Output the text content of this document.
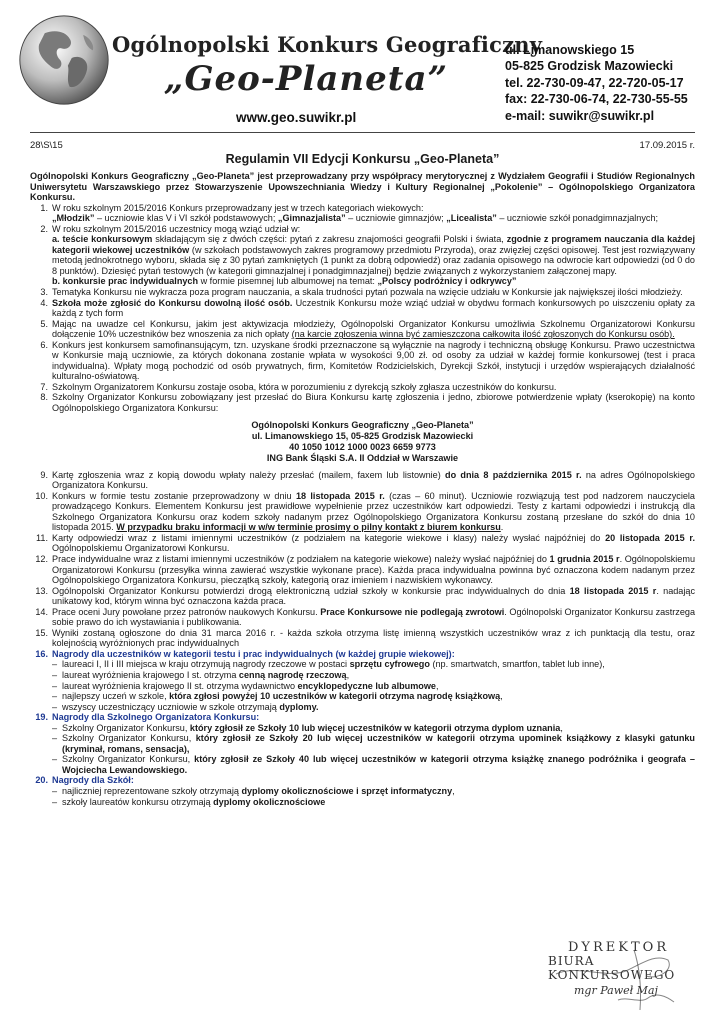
Ogólnopolski Konkurs Geograficzny
„Geo-Planeta”
www.geo.suwikr.pl
ul. Limanowskiego 15
05-825 Grodzisk Mazowiecki
tel. 22-730-09-47, 22-720-05-17
fax: 22-730-06-74, 22-730-55-55
e-mail: suwikr@suwikr.pl
28\S\15	17.09.2015 r.
Regulamin VII Edycji Konkursu „Geo-Planeta”

Ogólnopolski Konkurs Geograficzny „Geo-Planeta” jest przeprowadzany przy współpracy merytorycznej z Wydziałem Geografii i Studiów Regionalnych Uniwersytetu Warszawskiego przez Stowarzyszenie Upowszechniania Wiedzy i Kultury Regionalnej „Pokolenie” – Ogólnopolskiego Organizatora Konkursu.

1. W roku szkolnym 2015/2016 Konkurs przeprowadzany jest w trzech kategoriach wiekowych:
„Młodzik” – uczniowie klas V i VI szkół podstawowych; „Gimnazjalista” – uczniowie gimnazjów; „Licealista” – uczniowie szkół ponadgimnazjalnych;
2. W roku szkolnym 2015/2016 uczestnicy mogą wziąć udział w:
a. teście konkursowym składającym się z dwóch części: pytań z zakresu znajomości geografii Polski i świata, zgodnie z programem nauczania dla każdej kategorii wiekowej uczestników (w szkołach podstawowych zakres programowy przedmiotu Przyroda), oraz zwięzłej części opisowej. Test jest rozwiązywany metodą jednokrotnego wyboru, składa się z 30 pytań zamkniętych (1 punkt za dobrą odpowiedź) oraz zadania opisowego na odwrocie kart odpowiedzi (od 0 do 8 punktów). Dziesięć pytań testowych (w kategorii gimnazjalnej i ponadgimnazjalnej) będzie związanych z wykorzystaniem załączonej mapy.
b. konkursie prac indywidualnych w formie pisemnej lub albumowej na temat: „Polscy podróżnicy i odkrywcy”
3. Tematyka Konkursu nie wykracza poza program nauczania, a skala trudności pytań pozwala na wzięcie udziału w Konkursie jak największej ilości młodzieży.
4. Szkoła może zgłosić do Konkursu dowolną ilość osób. Uczestnik Konkursu może wziąć udział w obydwu formach konkursowych po uiszczeniu opłaty za każdą z tych form
5. Mając na uwadze cel Konkursu, jakim jest aktywizacja młodzieży, Ogólnopolski Organizator Konkursu umożliwia Szkolnemu Organizatorowi Konkursu dołączenie 10% uczestników bez wnoszenia za nich opłaty (na karcie zgłoszenia winna być zamieszczona całkowita ilość zgłoszonych do Konkursu osób).
6. Konkurs jest konkursem samofinansującym, tzn. uzyskane środki przeznaczone są wyłącznie na nagrody i techniczną obsługę Konkursu. Prawo uczestnictwa w Konkursie mają uczniowie, za których dokonana zostanie wpłata w wysokości 9,00 zł. od osoby za udział w każdej formie konkursowej (test i praca indywidualna). Wpłaty mogą pochodzić od osób prywatnych, firm, Komitetów Rodzicielskich, Dyrekcji Szkół, instytucji i urzędów wspierających działalność kulturalno-oświatową.
7. Szkolnym Organizatorem Konkursu zostaje osoba, która w porozumieniu z dyrekcją szkoły zgłasza uczestników do konkursu.
8. Szkolny Organizator Konkursu zobowiązany jest przesłać do Biura Konkursu kartę zgłoszenia i jedno, zbiorowe potwierdzenie wpłaty (kserokopię) na konto Ogólnopolskiego Organizatora Konkursu:
Ogólnopolski Konkurs Geograficzny „Geo-Planeta”
ul. Limanowskiego 15, 05-825 Grodzisk Mazowiecki
40 1050 1012 1000 0023 6659 9773
ING Bank Śląski S.A. II Oddział w Warszawie
9. Kartę zgłoszenia wraz z kopią dowodu wpłaty należy przesłać (mailem, faxem lub listownie) do dnia 8 października 2015 r. na adres Ogólnopolskiego Organizatora Konkursu.
10. Konkurs w formie testu zostanie przeprowadzony w dniu 18 listopada 2015 r. (czas – 60 minut). Uczniowie rozwiązują test pod nadzorem nauczyciela prowadzącego Konkurs. Elementem Konkursu jest prawidłowe wypełnienie przez uczestników kart odpowiedzi. Testy z kartami odpowiedzi i instrukcją dla Szkolnego Organizatora Konkursu oraz kodem szkoły nadanym przez Ogólnopolskiego Organizatora Konkursu zostaną przesłane do szkół do dnia 10 listopada 2015. W przypadku braku informacji w w/w terminie prosimy o pilny kontakt z biurem konkursu.
11. Karty odpowiedzi wraz z listami imiennymi uczestników (z podziałem na kategorie wiekowe i klasy) należy wysłać najpóźniej do 20 listopada 2015 r. Ogólnopolskiemu Organizatorowi Konkursu.
12. Prace indywidualne wraz z listami imiennymi uczestników (z podziałem na kategorie wiekowe) należy wysłać najpóźniej do 1 grudnia 2015 r. Ogólnopolskiemu Organizatorowi Konkursu (przesyłka winna zawierać wszystkie wykonane prace). Każda praca indywidualna powinna być oznaczona kodem nadanym przez Ogólnopolskiego Organizatora Konkursu, pieczątką szkoły, kategorią oraz imieniem i nazwiskiem wykonawcy.
13. Ogólnopolski Organizator Konkursu potwierdzi drogą elektroniczną udział szkoły w konkursie prac indywidualnych do dnia 18 listopada 2015 r. nadając unikatowy kod, którym winna być oznaczona każda praca.
14. Prace oceni Jury powołane przez patronów naukowych Konkursu. Prace Konkursowe nie podlegają zwrotowi. Ogólnopolski Organizator Konkursu zastrzega sobie prawo do ich wystawiania i publikowania.
15. Wyniki zostaną ogłoszone do dnia 31 marca 2016 r. - każda szkoła otrzyma listę imienną wszystkich uczestników wraz z ich punktacją dla testu, oraz kolejnością wyróżnionych prac indywidualnych
16. Nagrody dla uczestników w kategorii testu i prac indywidualnych (w każdej grupie wiekowej):
– laureaci I, II i III miejsca w kraju otrzymują nagrody rzeczowe w postaci sprzętu cyfrowego (np. smartwatch, smartfon, tablet lub inne),
– laureat wyróżnienia krajowego I st. otrzyma cenną nagrodę rzeczową,
– laureat wyróżnienia krajowego II st. otrzyma wydawnictwo encyklopedyczne lub albumowe,
– najlepszy uczeń w szkole, która zgłosi powyżej 10 uczestników w kategorii otrzyma nagrodę książkową,
– wszyscy uczestniczący uczniowie w szkole otrzymają dyplomy.
19. Nagrody dla Szkolnego Organizatora Konkursu:
– Szkolny Organizator Konkursu, który zgłosił ze Szkoły 10 lub więcej uczestników w kategorii otrzyma dyplom uznania,
– Szkolny Organizator Konkursu, który zgłosił ze Szkoły 20 lub więcej uczestników w kategorii otrzyma upominek książkowy z klasyki gatunku (kryminał, romans, sensacja),
– Szkolny Organizator Konkursu, który zgłosił ze Szkoły 40 lub więcej uczestników w kategorii otrzyma książkę znanego podróżnika i geografa – Wojciecha Lewandowskiego.
20. Nagrody dla Szkół:
– najliczniej reprezentowane szkoły otrzymają dyplomy okolicznościowe i sprzęt informatyczny,
– szkoły laureatów konkursu otrzymają dyplomy okolicznościowe
DYREKTOR
BIURA KONKURSOWEGO
mgr Paweł Maj
